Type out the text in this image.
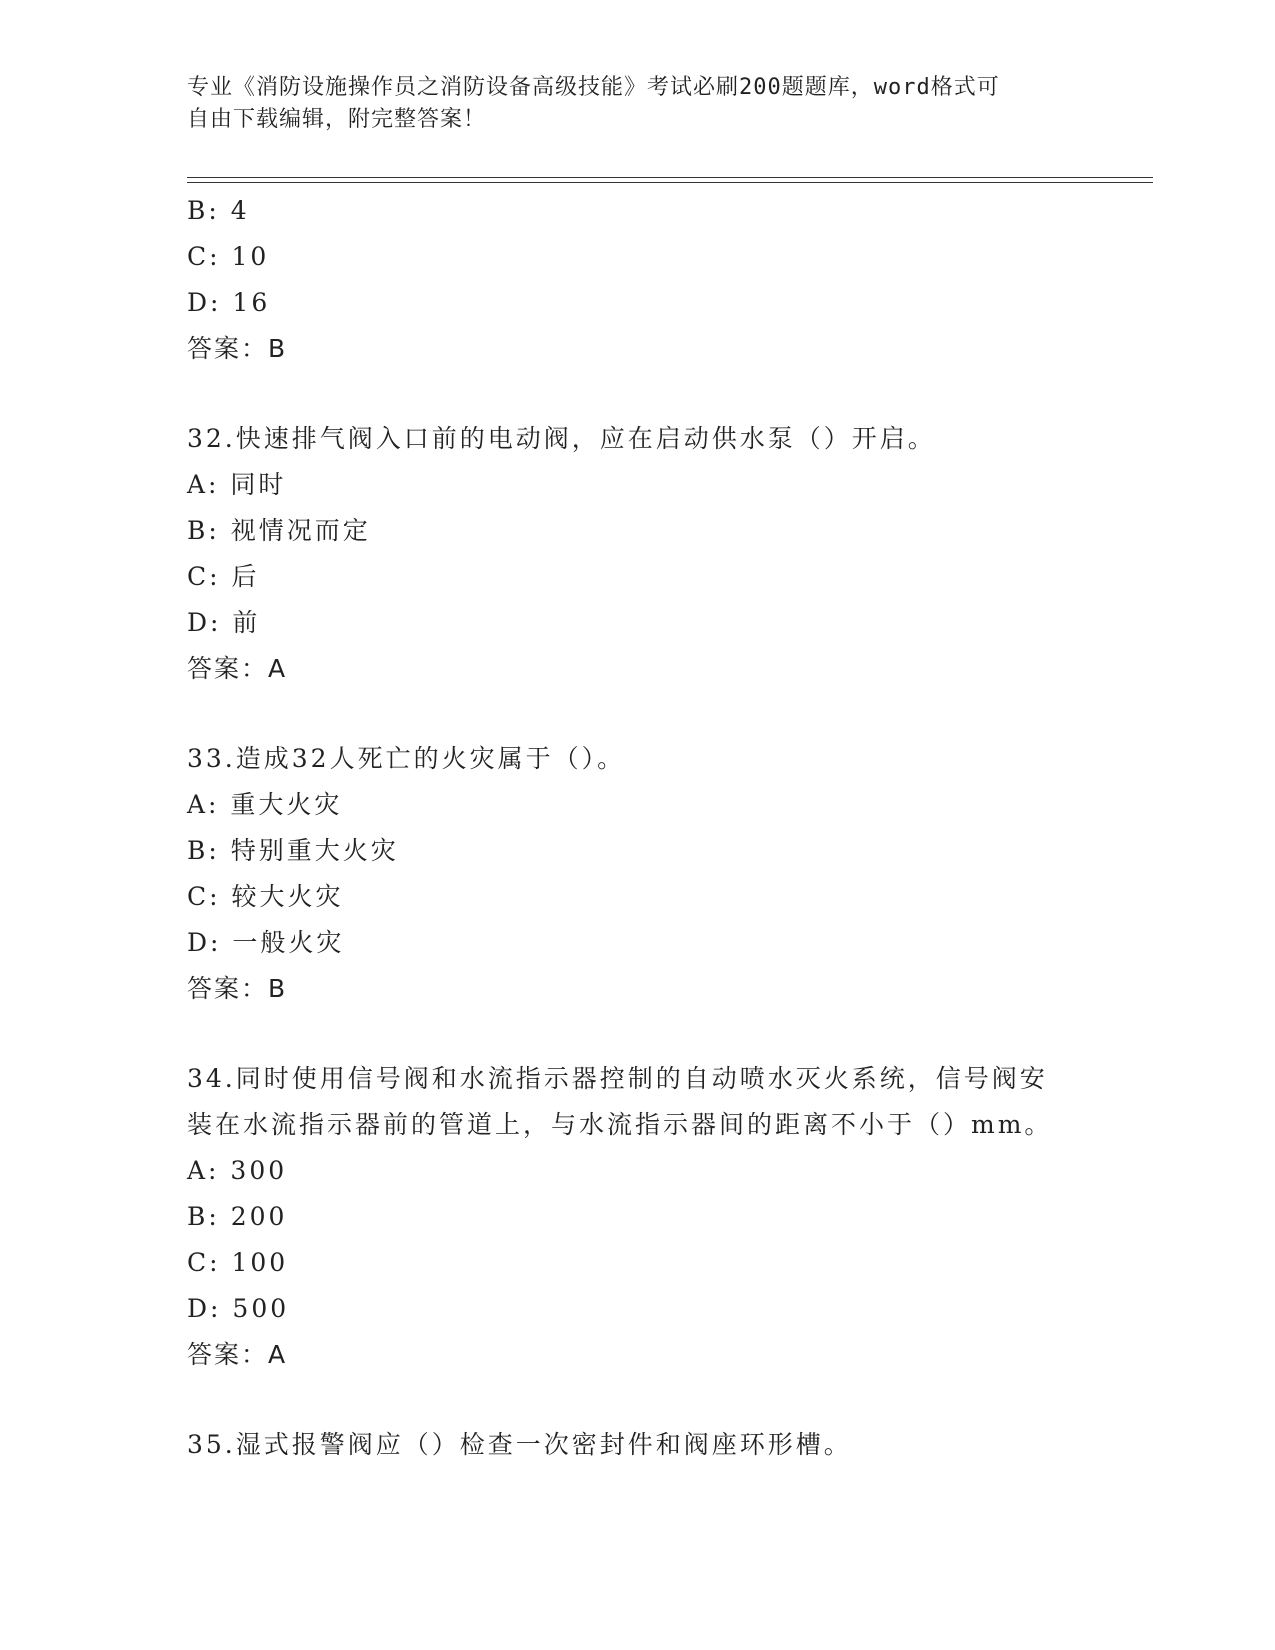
专业《消防设施操作员之消防设备高级技能》考试必刷200题题库，word格式可
自由下载编辑，附完整答案！
B: 4
C: 10
D: 16
答案：B
32.快速排气阀入口前的电动阀，应在启动供水泵（）开启。
A: 同时
B: 视情况而定
C: 后
D: 前
答案：A
33.造成32人死亡的火灾属于（）。
A: 重大火灾
B: 特别重大火灾
C: 较大火灾
D: 一般火灾
答案：B
34.同时使用信号阀和水流指示器控制的自动喷水灭火系统，信号阀安
装在水流指示器前的管道上，与水流指示器间的距离不小于（）mm。
A: 300
B: 200
C: 100
D: 500
答案：A
35.湿式报警阀应（）检查一次密封件和阀座环形槽。
